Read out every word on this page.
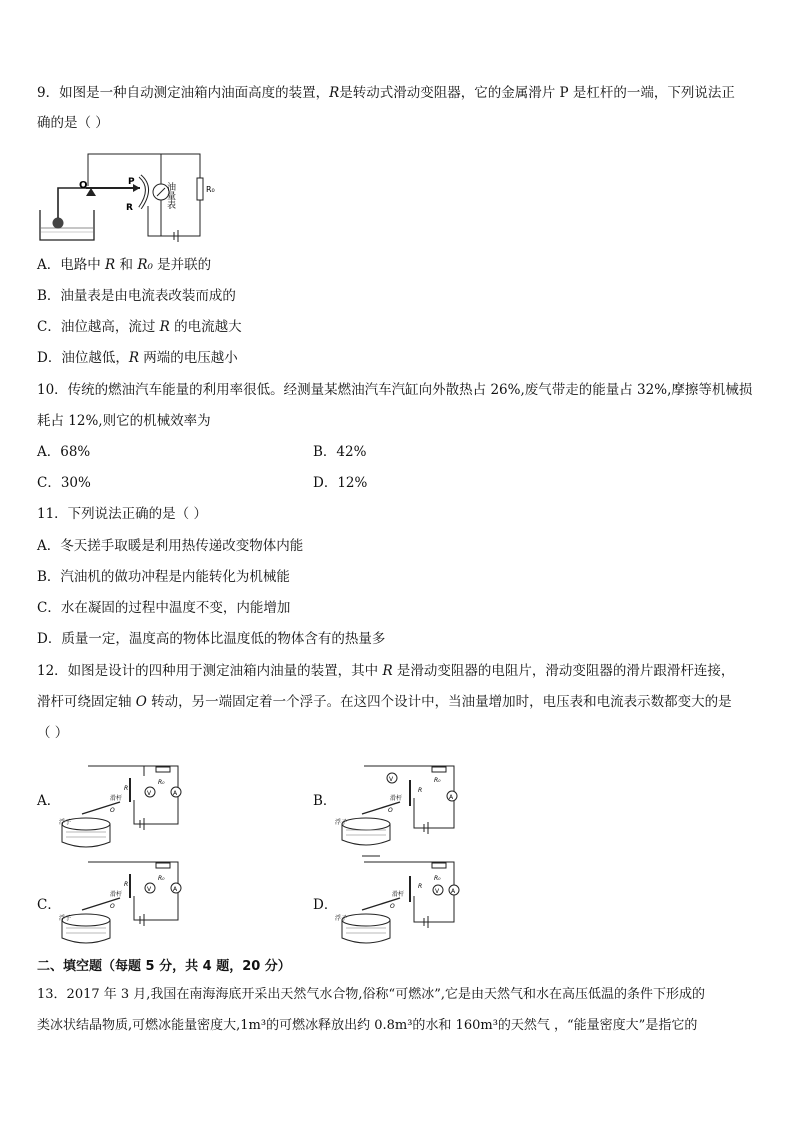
9．如图是一种自动测定油箱内油面高度的装置，R是转动式滑动变阻器，它的金属滑片 P 是杠杆的一端，下列说法正
确的是（ ）
O	P
R	油量表	R₀
A．电路中 R 和 R₀ 是并联的
B．油量表是由电流表改装而成的
C．油位越高，流过 R 的电流越大
D．油位越低，R 两端的电压越小
10．传统的燃油汽车能量的利用率很低。经测量某燃油汽车汽缸向外散热占 26%,废气带走的能量占 32%,摩擦等机械损
耗占 12%,则它的机械效率为
A．68%	B．42%
C．30%	D．12%
11．下列说法正确的是（ ）
A．冬天搓手取暖是利用热传递改变物体内能
B．汽油机的做功冲程是内能转化为机械能
C．水在凝固的过程中温度不变，内能增加
D．质量一定，温度高的物体比温度低的物体含有的热量多
12．如图是设计的四种用于测定油箱内油量的装置，其中 R 是滑动变阻器的电阻片，滑动变阻器的滑片跟滑杆连接，
滑杆可绕固定轴 O 转动，另一端固定着一个浮子。在这四个设计中，当油量增加时，电压表和电流表示数都变大的是
（ ）
A．	B．
C．	D．
浮子
滑杆
O
R
R₀
V	A
浮子
滑杆
O
R
R₀
V
A
浮子
滑杆
O
R
R₀
V	A
浮子
滑杆
O
R
R₀
V A
二、填空题（每题 5 分，共 4 题，20 分）
13．2017 年 3 月,我国在南海海底开采出天然气水合物,俗称“可燃冰”,它是由天然气和水在高压低温的条件下形成的
类冰状结晶物质,可燃冰能量密度大,1m³的可燃冰释放出约 0.8m³的水和 160m³的天然气 ，“能量密度大”是指它的
